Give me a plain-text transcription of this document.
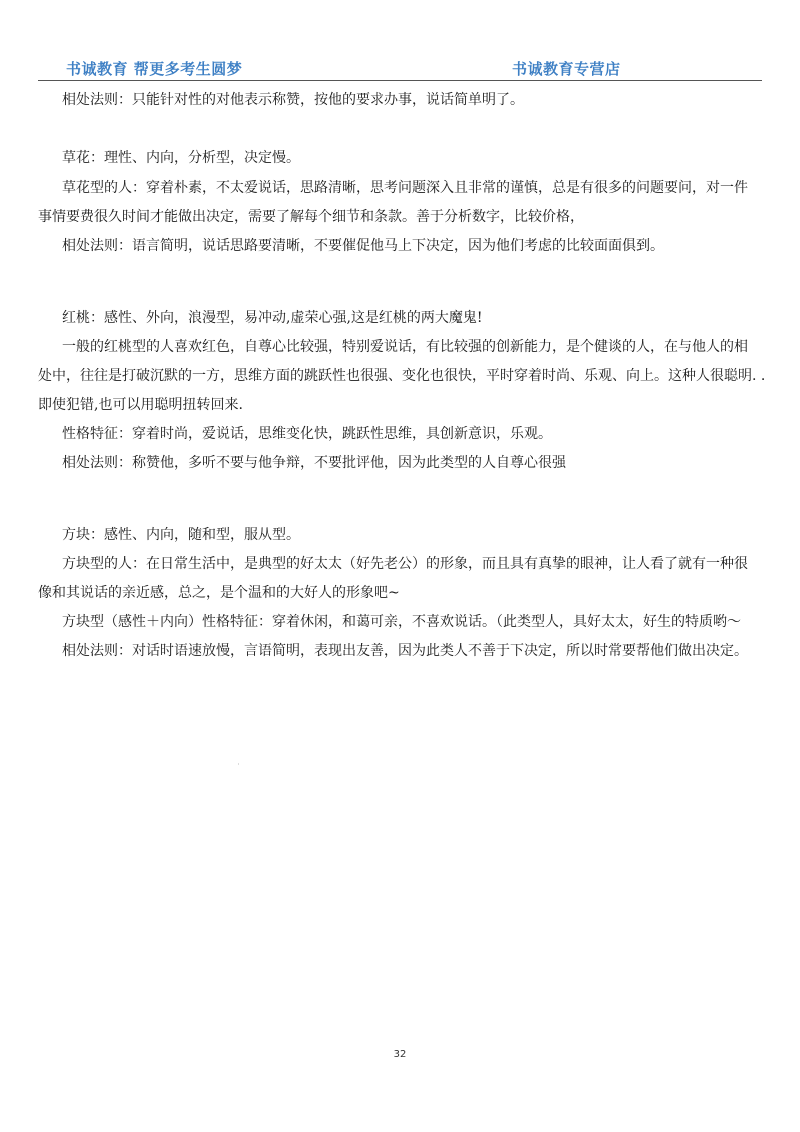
书诚教育 帮更多考生圆梦	书诚教育专营店
相处法则：只能针对性的对他表示称赞，按他的要求办事，说话简单明了。
草花：理性、内向，分析型，决定慢。
草花型的人：穿着朴素，不太爱说话，思路清晰，思考问题深入且非常的谨慎，总是有很多的问题要问，对一件
事情要费很久时间才能做出决定，需要了解每个细节和条款。善于分析数字，比较价格，
相处法则：语言简明，说话思路要清晰，不要催促他马上下决定，因为他们考虑的比较面面俱到。
红桃：感性、外向，浪漫型，易冲动,虚荣心强,这是红桃的两大魔鬼!
一般的红桃型的人喜欢红色，自尊心比较强，特别爱说话，有比较强的创新能力，是个健谈的人，在与他人的相
处中，往往是打破沉默的一方，思维方面的跳跃性也很强、变化也很快，平时穿着时尚、乐观、向上。这种人很聪明. .
即使犯错,也可以用聪明扭转回来.
性格特征：穿着时尚，爱说话，思维变化快，跳跃性思维，具创新意识，乐观。
相处法则：称赞他，多听不要与他争辩，不要批评他，因为此类型的人自尊心很强
方块：感性、内向，随和型，服从型。
方块型的人：在日常生活中，是典型的好太太（好先老公）的形象，而且具有真挚的眼神，让人看了就有一种很
像和其说话的亲近感，总之，是个温和的大好人的形象吧~
方块型（感性＋内向）性格特征：穿着休闲，和蔼可亲，不喜欢说话。（此类型人，具好太太，好生的特质哟～
相处法则：对话时语速放慢，言语简明，表现出友善，因为此类人不善于下决定，所以时常要帮他们做出决定。
32
